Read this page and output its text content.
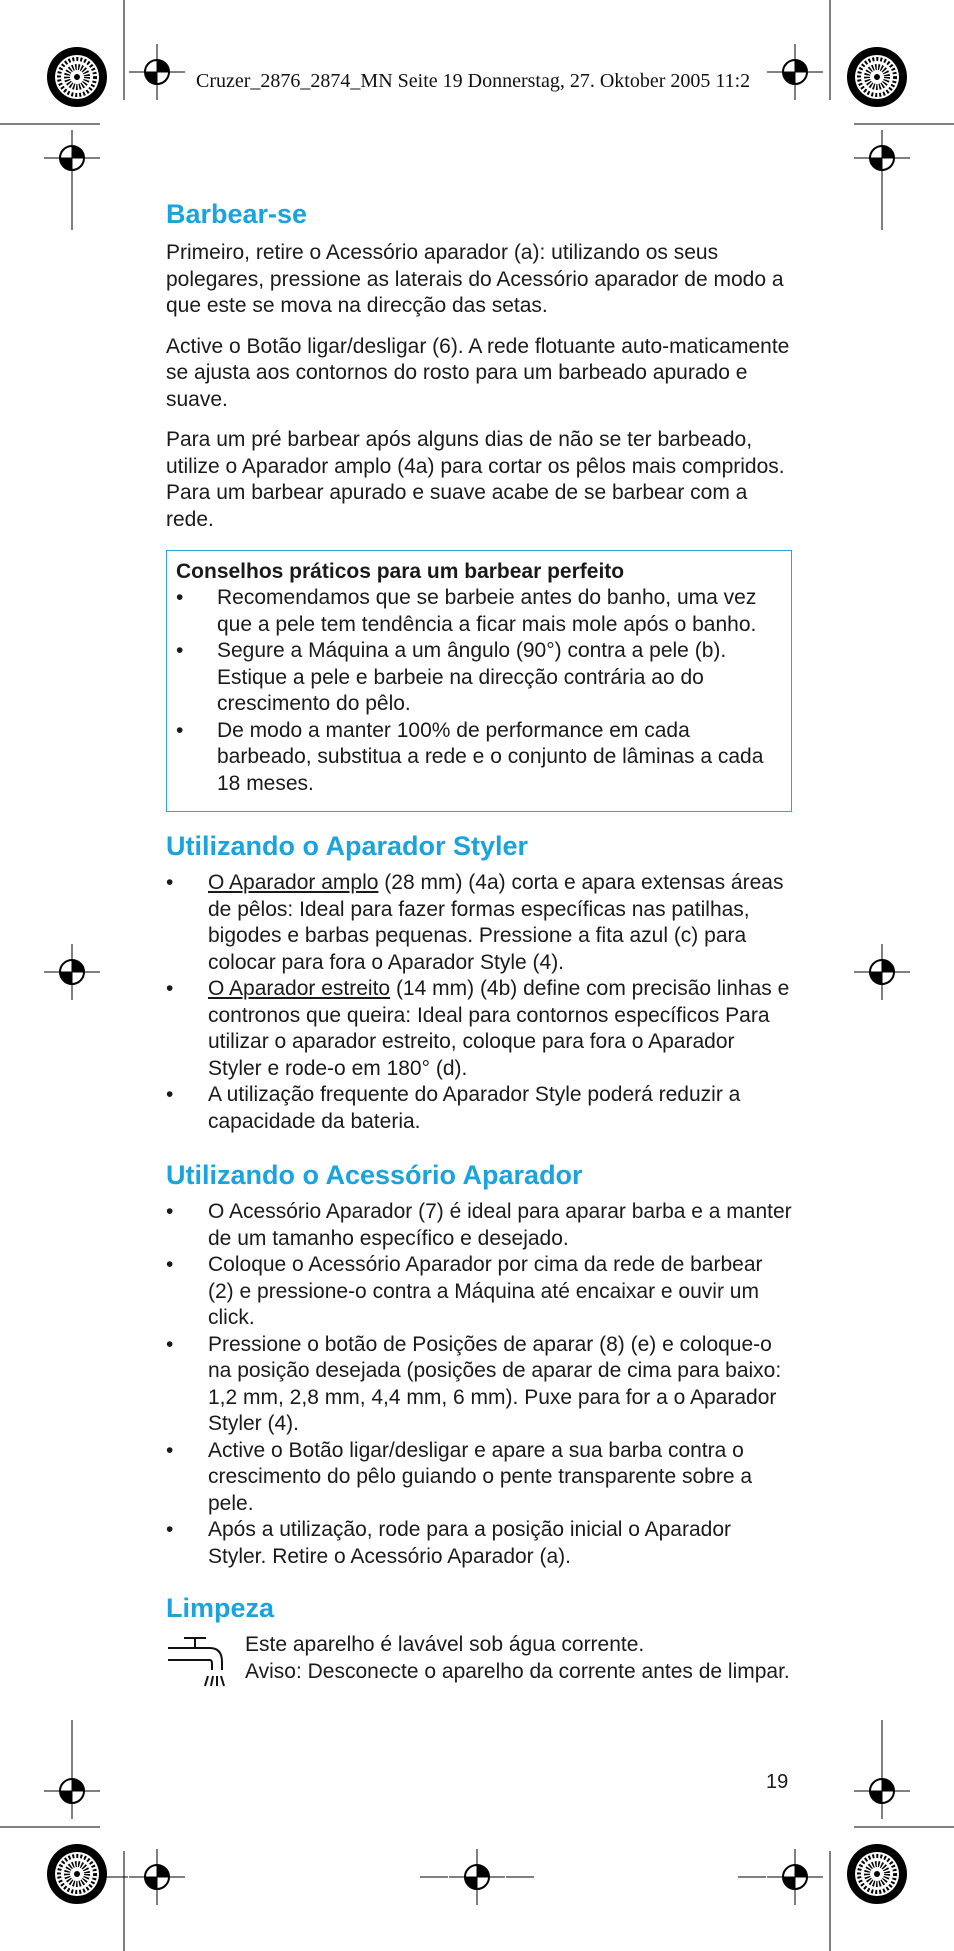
Cruzer_2876_2874_MN Seite 19 Donnerstag, 27. Oktober 2005 11:2
Barbear-se

Primeiro, retire o Acessório aparador (a): utilizando os seus polegares, pressione as laterais do Acessório aparador de modo a que este se mova na direcção das setas.

Active o Botão ligar/desligar (6). A rede flotuante auto-maticamente se ajusta aos contornos do rosto para um barbeado apurado e suave.

Para um pré barbear após alguns dias de não se ter barbeado, utilize o Aparador amplo (4a) para cortar os pêlos mais compridos. Para um barbear apurado e suave acabe de se barbear com a rede.

Conselhos práticos para um barbear perfeito
• Recomendamos que se barbeie antes do banho, uma vez que a pele tem tendência a ficar mais mole após o banho.
• Segure a Máquina a um ângulo (90°) contra a pele (b). Estique a pele e barbeie na direcção contrária ao do crescimento do pêlo.
• De modo a manter 100% de performance em cada barbeado, substitua a rede e o conjunto de lâminas a cada 18 meses.
Utilizando o Aparador Styler
• O Aparador amplo (28 mm) (4a) corta e apara extensas áreas de pêlos: Ideal para fazer formas específicas nas patilhas, bigodes e barbas pequenas. Pressione a fita azul (c) para colocar para fora o Aparador Style (4).
• O Aparador estreito (14 mm) (4b) define com precisão linhas e contronos que queira: Ideal para contornos específicos Para utilizar o aparador estreito, coloque para fora o Aparador Styler e rode-o em 180° (d).
• A utilização frequente do Aparador Style poderá reduzir a capacidade da bateria.
Utilizando o Acessório Aparador
• O Acessório Aparador (7) é ideal para aparar barba e a manter de um tamanho específico e desejado.
• Coloque o Acessório Aparador por cima da rede de barbear (2) e pressione-o contra a Máquina até encaixar e ouvir um click.
• Pressione o botão de Posições de aparar (8) (e) e coloque-o na posição desejada (posições de aparar de cima para baixo: 1,2 mm, 2,8 mm, 4,4 mm, 6 mm). Puxe para for a o Aparador Styler (4).
• Active o Botão ligar/desligar e apare a sua barba contra o crescimento do pêlo guiando o pente transparente sobre a pele.
• Após a utilização, rode para a posição inicial o Aparador Styler. Retire o Acessório Aparador (a).
Limpeza
Este aparelho é lavável sob água corrente.
Aviso: Desconecte o aparelho da corrente antes de limpar.
19
